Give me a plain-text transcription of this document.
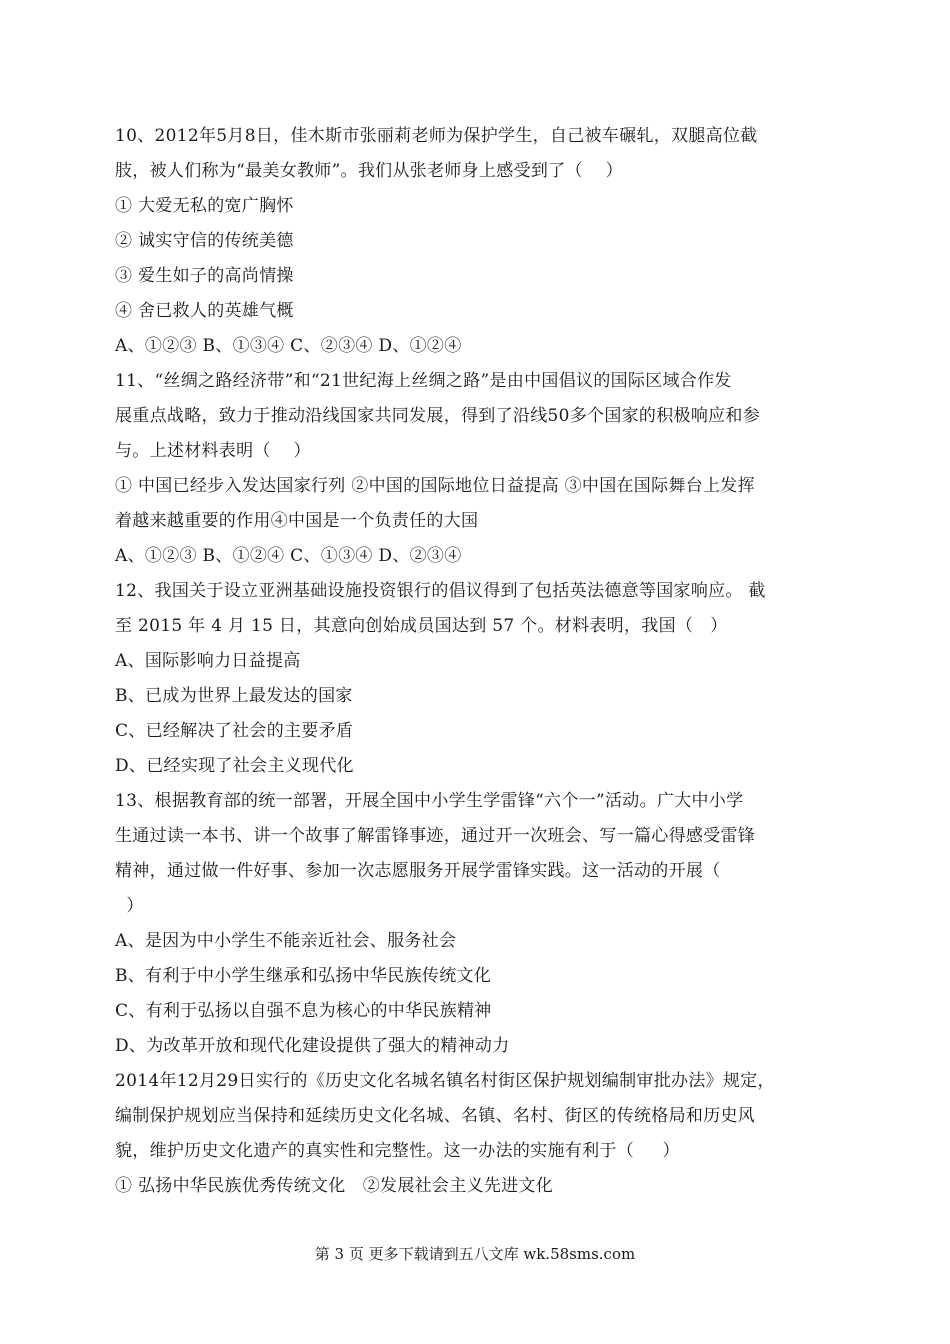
10、2012年5月8日，佳木斯市张丽莉老师为保护学生，自己被车碾轧，双腿高位截
肢，被人们称为“最美女教师”。我们从张老师身上感受到了（    ）
① 大爱无私的宽广胸怀
② 诚实守信的传统美德
③ 爱生如子的高尚情操
④ 舍已救人的英雄气概
A、①②③ B、①③④ C、②③④ D、①②④
11、“丝绸之路经济带”和“21世纪海上丝绸之路”是由中国倡议的国际区域合作发
展重点战略，致力于推动沿线国家共同发展，得到了沿线50多个国家的积极响应和参
与。上述材料表明（    ）
① 中国已经步入发达国家行列 ②中国的国际地位日益提高 ③中国在国际舞台上发挥
着越来越重要的作用④中国是一个负责任的大国
A、①②③ B、①②④ C、①③④ D、②③④
12、我国关于设立亚洲基础设施投资银行的倡议得到了包括英法德意等国家响应。 截
至 2015 年 4 月 15 日，其意向创始成员国达到 57 个。材料表明，我国（   ）
A、国际影响力日益提高
B、已成为世界上最发达的国家
C、已经解决了社会的主要矛盾
D、已经实现了社会主义现代化
13、根据教育部的统一部署，开展全国中小学生学雷锋“六个一”活动。广大中小学
生通过读一本书、讲一个故事了解雷锋事迹，通过开一次班会、写一篇心得感受雷锋
精神，通过做一件好事、参加一次志愿服务开展学雷锋实践。这一活动的开展（
）
A、是因为中小学生不能亲近社会、服务社会
B、有利于中小学生继承和弘扬中华民族传统文化
C、有利于弘扬以自强不息为核心的中华民族精神
D、为改革开放和现代化建设提供了强大的精神动力
2014年12月29日实行的《历史文化名城名镇名村街区保护规划编制审批办法》规定，
编制保护规划应当保持和延续历史文化名城、名镇、名村、街区的传统格局和历史风
貌，维护历史文化遗产的真实性和完整性。这一办法的实施有利于（     ）
① 弘扬中华民族优秀传统文化   ②发展社会主义先进文化
第 3 页 更多下载请到五八文库 wk.58sms.com
